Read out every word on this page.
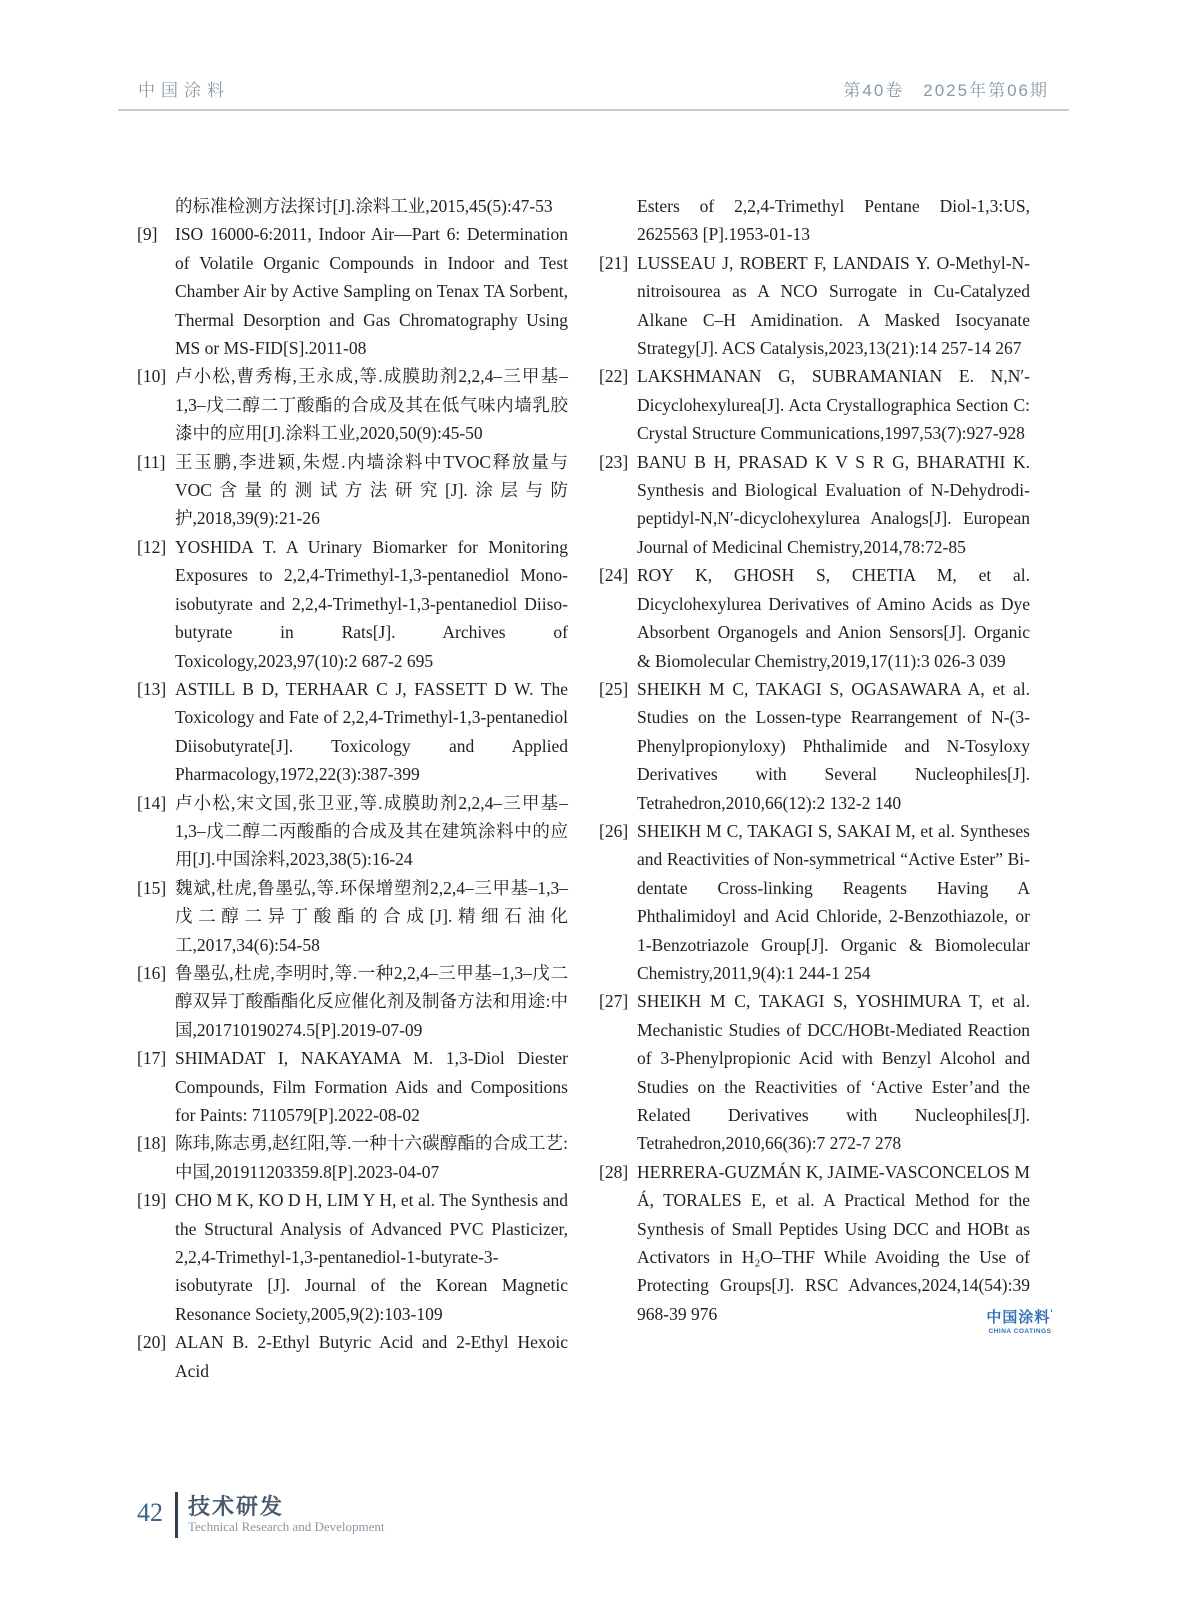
中国涂料	第40卷　2025年第06期
的标准检测方法探讨[J].涂料工业,2015,45(5):47-53
[9]	ISO 16000-6:2011, Indoor Air—Part 6: Determination of Volatile Organic Compounds in Indoor and Test Chamber Air by Active Sampling on Tenax TA Sorbent, Thermal Desorption and Gas Chromatography Using MS or MS-FID[S].2011-08
[10] 卢小松,曹秀梅,王永成,等.成膜助剂2,2,4–三甲基–1,3–戊二醇二丁酸酯的合成及其在低气味内墙乳胶漆中的应用[J].涂料工业,2020,50(9):45-50
[11] 王玉鹏,李进颖,朱煜.内墙涂料中TVOC释放量与VOC含量的测试方法研究[J].涂层与防护,2018,39(9):21-26
[12] YOSHIDA T. A Urinary Biomarker for Monitoring Exposures to 2,2,4-Trimethyl-1,3-pentanediol Mono-isobutyrate and 2,2,4-Trimethyl-1,3-pentanediol Diiso-butyrate in Rats[J]. Archives of Toxicology,2023,97(10):2 687-2 695
[13] ASTILL B D, TERHAAR C J, FASSETT D W. The Toxicology and Fate of 2,2,4-Trimethyl-1,3-pentanediol Diisobutyrate[J]. Toxicology and Applied Pharmacology,1972,22(3):387-399
[14] 卢小松,宋文国,张卫亚,等.成膜助剂2,2,4–三甲基–1,3–戊二醇二丙酸酯的合成及其在建筑涂料中的应用[J].中国涂料,2023,38(5):16-24
[15] 魏斌,杜虎,鲁墨弘,等.环保增塑剂2,2,4–三甲基–1,3–戊二醇二异丁酸酯的合成[J].精细石油化工,2017,34(6):54-58
[16] 鲁墨弘,杜虎,李明时,等.一种2,2,4–三甲基–1,3–戊二醇双异丁酸酯酯化反应催化剂及制备方法和用途:中国,201710190274.5[P].2019-07-09
[17] SHIMADAT I, NAKAYAMA M. 1,3-Diol Diester Compounds, Film Formation Aids and Compositions for Paints: 7110579[P].2022-08-02
[18] 陈玮,陈志勇,赵红阳,等.一种十六碳醇酯的合成工艺:中国,201911203359.8[P].2023-04-07
[19] CHO M K, KO D H, LIM Y H, et al. The Synthesis and the Structural Analysis of Advanced PVC Plasticizer, 2,2,4-Trimethyl-1,3-pentanediol-1-butyrate-3-isobutyrate [J]. Journal of the Korean Magnetic Resonance Society,2005,9(2):103-109
[20] ALAN B. 2-Ethyl Butyric Acid and 2-Ethyl Hexoic Acid
Esters of 2,2,4-Trimethyl Pentane Diol-1,3:US, 2625563 [P].1953-01-13
[21] LUSSEAU J, ROBERT F, LANDAIS Y. O-Methyl-N-nitroisourea as A NCO Surrogate in Cu-Catalyzed Alkane C–H Amidination. A Masked Isocyanate Strategy[J]. ACS Catalysis,2023,13(21):14 257-14 267
[22] LAKSHMANAN G, SUBRAMANIAN E. N,N′-Dicyclohexylurea[J]. Acta Crystallographica Section C: Crystal Structure Communications,1997,53(7):927-928
[23] BANU B H, PRASAD K V S R G, BHARATHI K. Synthesis and Biological Evaluation of N-Dehydrodi-peptidyl-N,N′-dicyclohexylurea Analogs[J]. European Journal of Medicinal Chemistry,2014,78:72-85
[24] ROY K, GHOSH S, CHETIA M, et al. Dicyclohexylurea Derivatives of Amino Acids as Dye Absorbent Organogels and Anion Sensors[J]. Organic & Biomolecular Chemistry,2019,17(11):3 026-3 039
[25] SHEIKH M C, TAKAGI S, OGASAWARA A, et al. Studies on the Lossen-type Rearrangement of N-(3-Phenylpropionyloxy) Phthalimide and N-Tosyloxy Derivatives with Several Nucleophiles[J]. Tetrahedron,2010,66(12):2 132-2 140
[26] SHEIKH M C, TAKAGI S, SAKAI M, et al. Syntheses and Reactivities of Non-symmetrical “Active Ester” Bi-dentate Cross-linking Reagents Having A Phthalimidoyl and Acid Chloride, 2-Benzothiazole, or 1-Benzotriazole Group[J]. Organic & Biomolecular Chemistry,2011,9(4):1 244-1 254
[27] SHEIKH M C, TAKAGI S, YOSHIMURA T, et al. Mechanistic Studies of DCC/HOBt-Mediated Reaction of 3-Phenylpropionic Acid with Benzyl Alcohol and Studies on the Reactivities of ‘Active Ester’and the Related Derivatives with Nucleophiles[J]. Tetrahedron,2010,66(36):7 272-7 278
[28] HERRERA-GUZMÁN K, JAIME-VASCONCELOS M Á, TORALES E, et al. A Practical Method for the Synthesis of Small Peptides Using DCC and HOBt as Activators in H₂O–THF While Avoiding the Use of Protecting Groups[J]. RSC Advances,2024,14(54):39 968-39 976	中国涂料 ʹ
CHINA COATINGS
42 技术研发
Technical Research and Development
